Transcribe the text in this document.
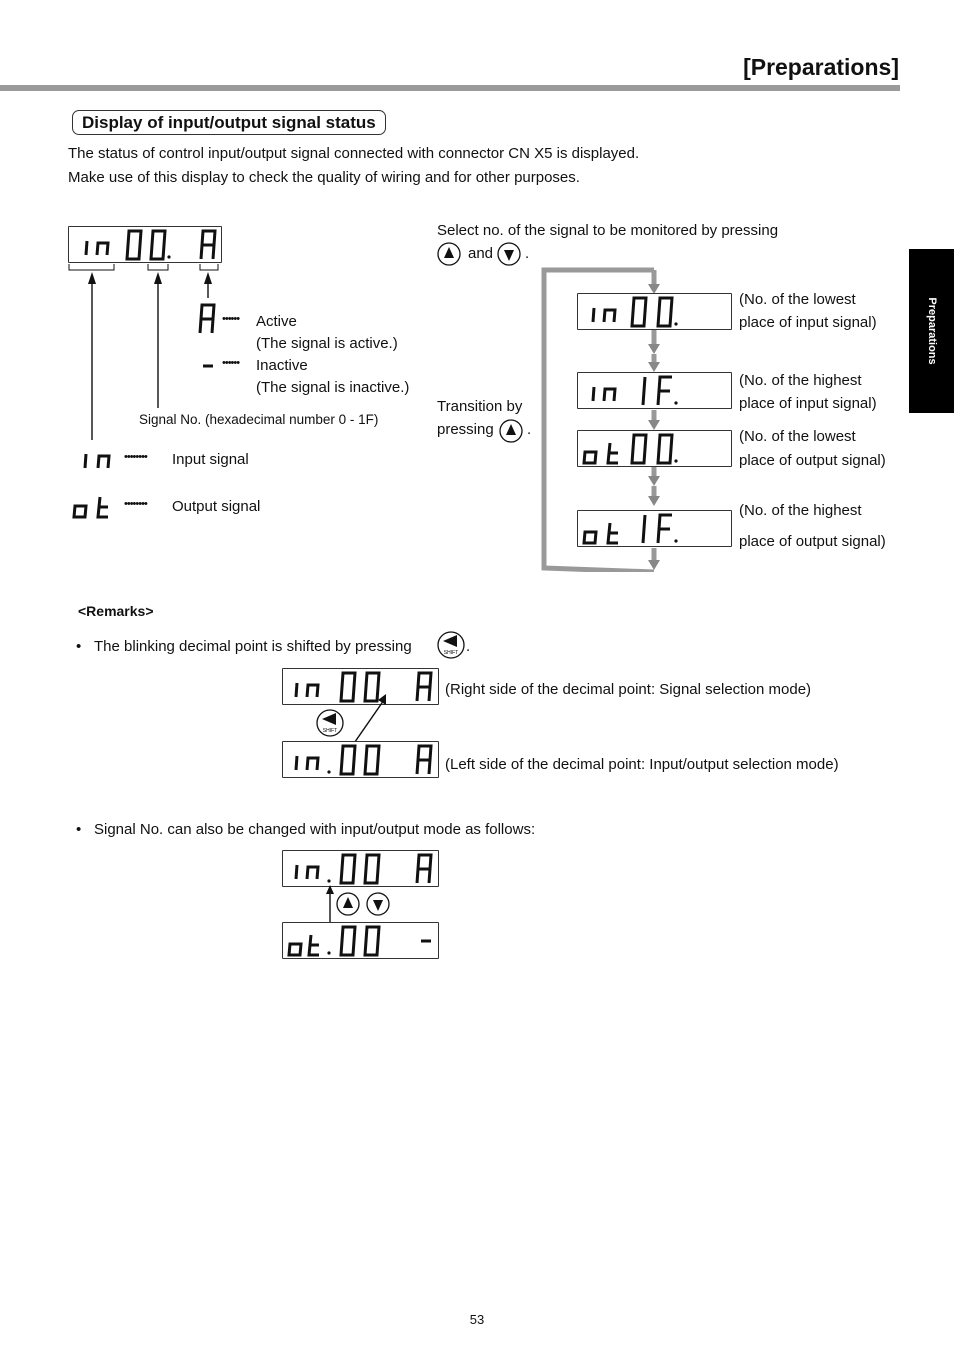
[Preparations]
Preparations
Display of input/output signal status
The status of control input/output signal connected with connector CN X5 is displayed.
Make use of this display to check the quality of wiring and for other purposes.
•••••• Active
(The signal is active.)
•••••• Inactive
(The signal is inactive.)
Signal No. (hexadecimal number 0 - 1F)
•••••••• Input signal
•••••••• Output signal
Select no. of the signal to be monitored by pressing
and .
Transition by
pressing .
(No. of the lowest
place of input signal)
(No. of the highest
place of input signal)
(No. of the lowest
place of output signal)
(No. of the highest
place of output signal)
<Remarks>
• The blinking decimal point is shifted by pressing	SHIFT .
(Right side of the decimal point: Signal selection mode)
SHIFT
(Left side of the decimal point: Input/output selection mode)
• Signal No. can also be changed with input/output mode as follows:
53
